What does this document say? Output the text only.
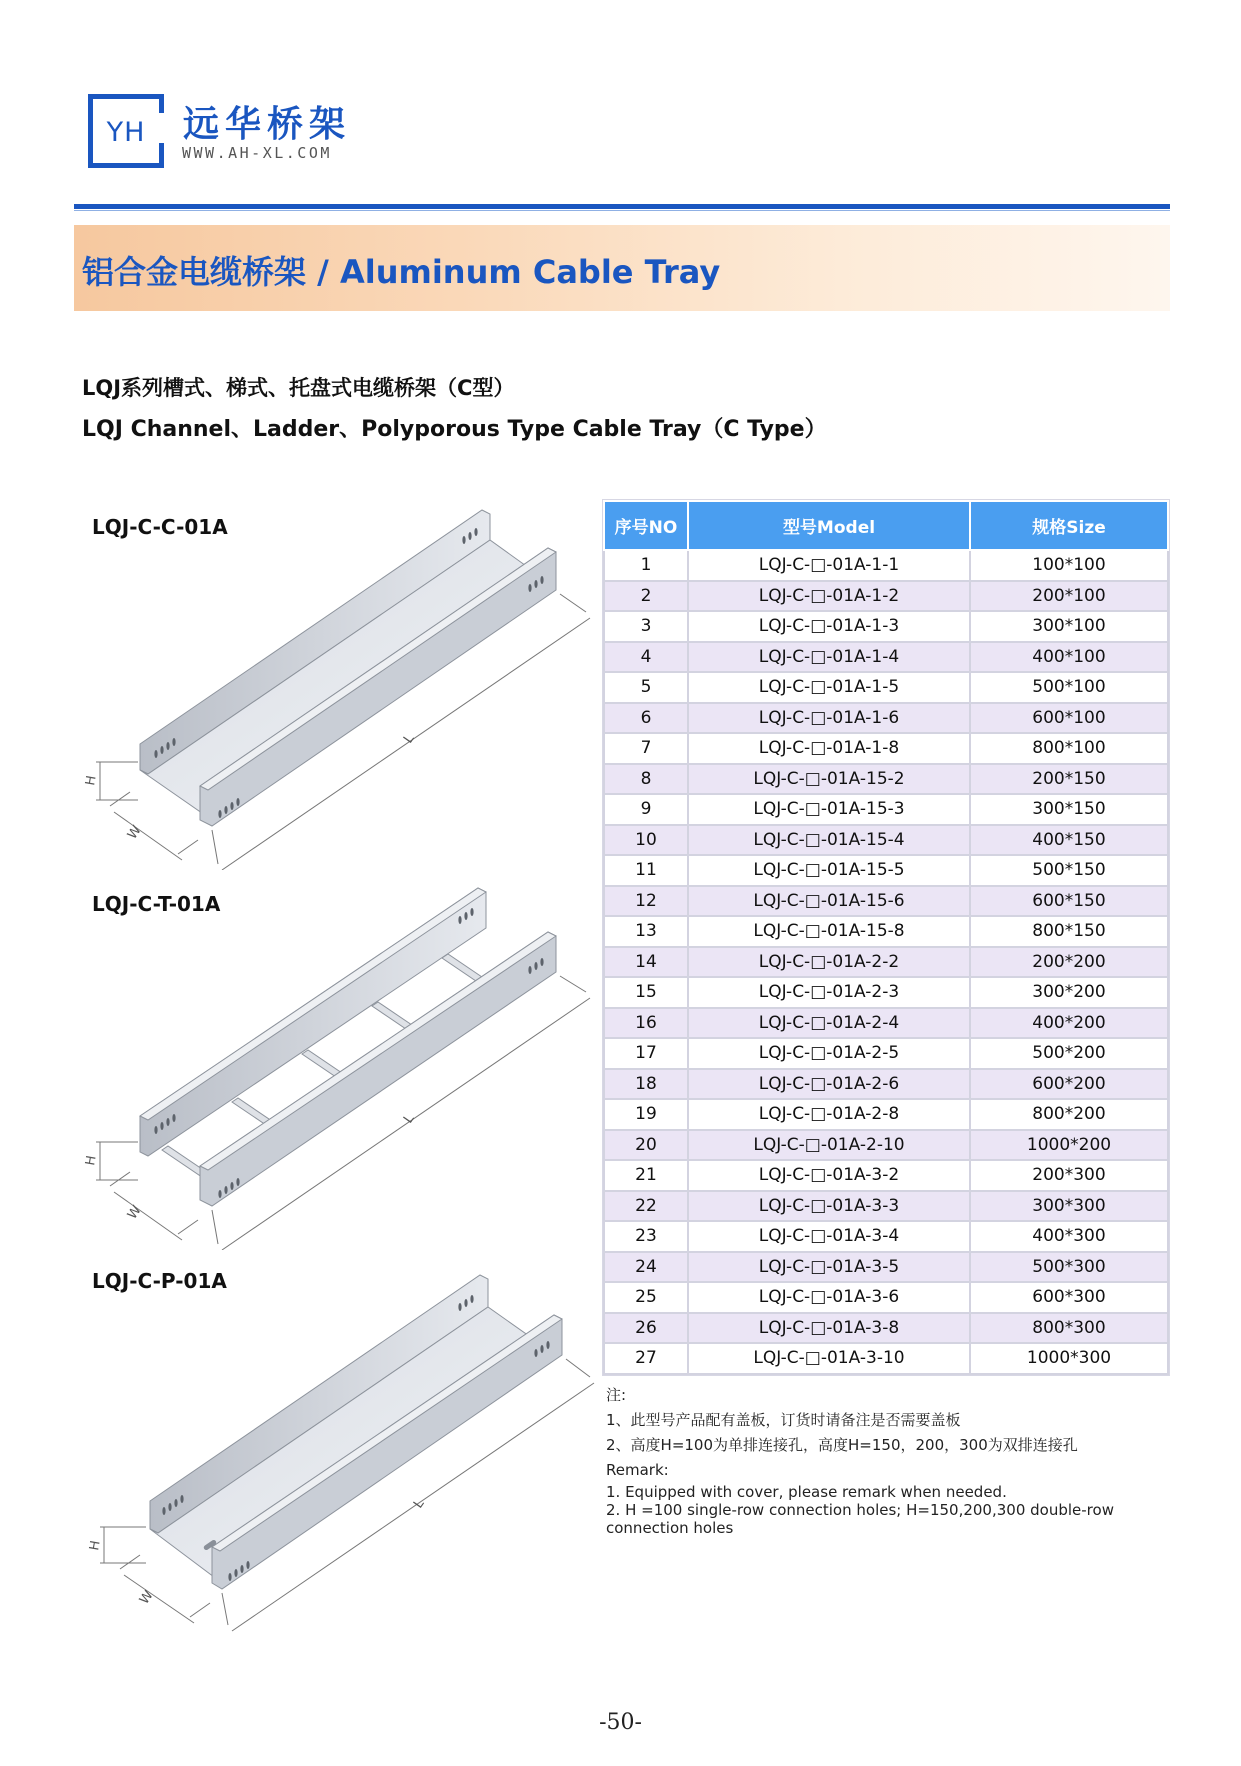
YH	远华桥架
WWW.AH-XL.COM
铝合金电缆桥架 / Aluminum Cable Tray
LQJ系列槽式、梯式、托盘式电缆桥架（C型）
LQJ Channel、Ladder、Polyporous Type Cable Tray（C Type）
LQJ-C-C-01A
H
W
L
LQJ-C-T-01A
H
W
L
LQJ-C-P-01A
H
W
L
序号NO	型号Model	规格Size
1	LQJ-C-□-01A-1-1	100*100
2	LQJ-C-□-01A-1-2	200*100
3	LQJ-C-□-01A-1-3	300*100
4	LQJ-C-□-01A-1-4	400*100
5	LQJ-C-□-01A-1-5	500*100
6	LQJ-C-□-01A-1-6	600*100
7	LQJ-C-□-01A-1-8	800*100
8	LQJ-C-□-01A-15-2	200*150
9	LQJ-C-□-01A-15-3	300*150
10	LQJ-C-□-01A-15-4	400*150
11	LQJ-C-□-01A-15-5	500*150
12	LQJ-C-□-01A-15-6	600*150
13	LQJ-C-□-01A-15-8	800*150
14	LQJ-C-□-01A-2-2	200*200
15	LQJ-C-□-01A-2-3	300*200
16	LQJ-C-□-01A-2-4	400*200
17	LQJ-C-□-01A-2-5	500*200
18	LQJ-C-□-01A-2-6	600*200
19	LQJ-C-□-01A-2-8	800*200
20	LQJ-C-□-01A-2-10	1000*200
21	LQJ-C-□-01A-3-2	200*300
22	LQJ-C-□-01A-3-3	300*300
23	LQJ-C-□-01A-3-4	400*300
24	LQJ-C-□-01A-3-5	500*300
25	LQJ-C-□-01A-3-6	600*300
26	LQJ-C-□-01A-3-8	800*300
27	LQJ-C-□-01A-3-10	1000*300
注:
1、此型号产品配有盖板，订货时请备注是否需要盖板
2、高度H=100为单排连接孔，高度H=150，200，300为双排连接孔
Remark:
1. Equipped with cover, please remark when needed.
2. H =100 single-row connection holes; H=150,200,300 double-row connection holes
-50-
